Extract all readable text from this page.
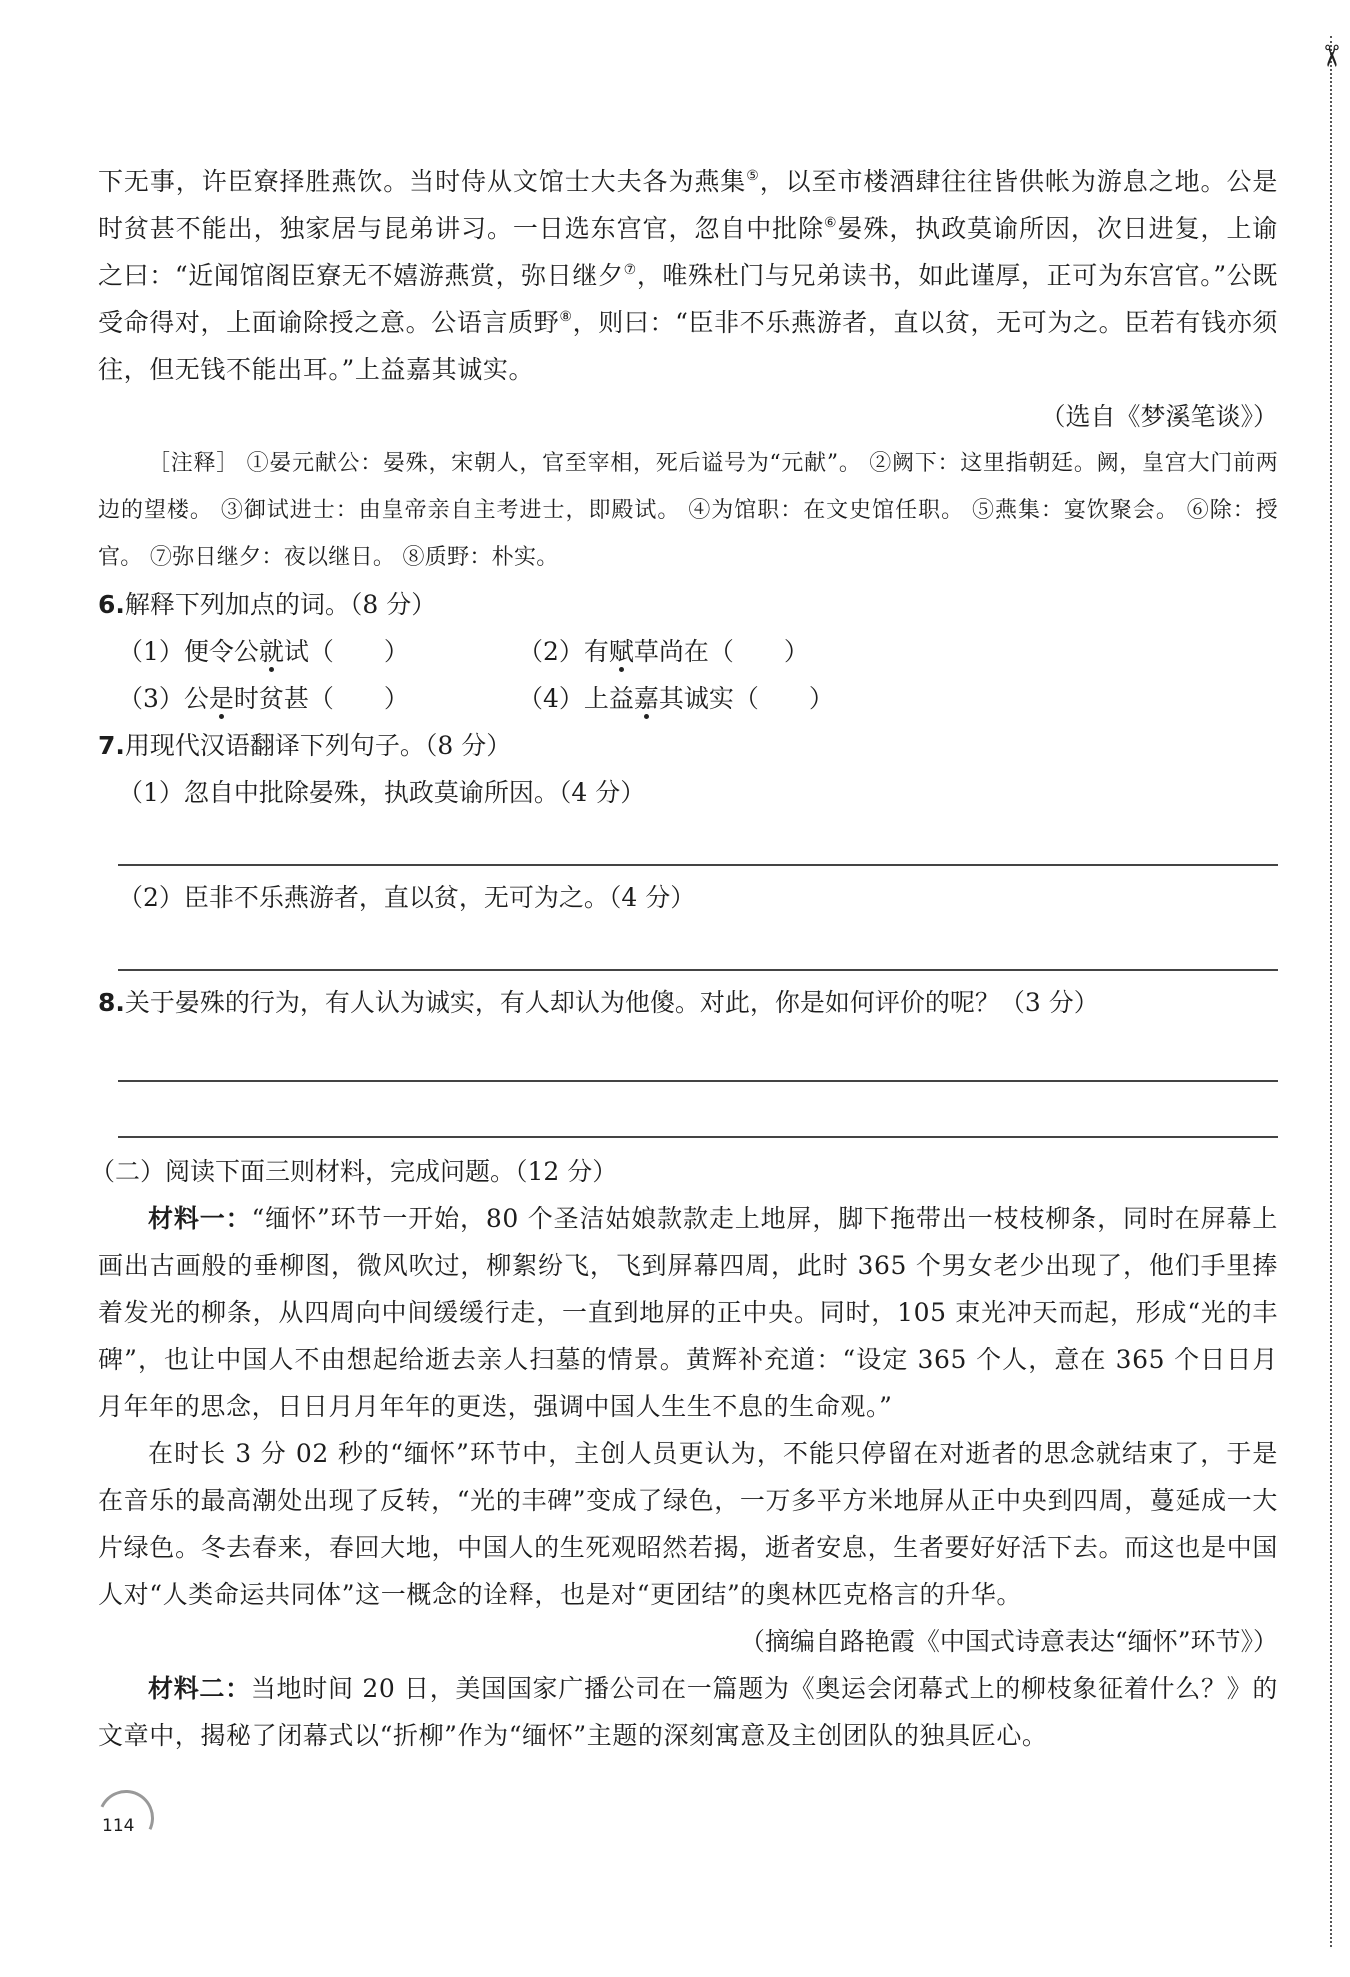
✂

下无事，许臣寮择胜燕饮。当时侍从文馆士大夫各为燕集⑤，以至市楼酒肆往往皆供帐为游息之地。公是时贫甚不能出，独家居与昆弟讲习。一日选东宫官，忽自中批除⑥晏殊，执政莫谕所因，次日进复，上谕之曰：“近闻馆阁臣寮无不嬉游燕赏，弥日继夕⑦，唯殊杜门与兄弟读书，如此谨厚，正可为东宫官。”公既受命得对，上面谕除授之意。公语言质野⑧，则曰：“臣非不乐燕游者，直以贫，无可为之。臣若有钱亦须往，但无钱不能出耳。”上益嘉其诚实。

（选自《梦溪笔谈》）

［注释］ ①晏元献公：晏殊，宋朝人，官至宰相，死后谥号为“元献”。 ②阙下：这里指朝廷。阙，皇宫大门前两边的望楼。 ③御试进士：由皇帝亲自主考进士，即殿试。 ④为馆职：在文史馆任职。 ⑤燕集：宴饮聚会。 ⑥除：授官。 ⑦弥日继夕：夜以继日。 ⑧质野：朴实。

6.解释下列加点的词。（8 分）

（1）便令公就试（　　）	（2）有赋草尚在（　　）
（3）公是时贫甚（　　）	（4）上益嘉其诚实（　　）

7.用现代汉语翻译下列句子。（8 分）

（1）忽自中批除晏殊，执政莫谕所因。（4 分）

（2）臣非不乐燕游者，直以贫，无可为之。（4 分）

8.关于晏殊的行为，有人认为诚实，有人却认为他傻。对此，你是如何评价的呢？（3 分）

（二）阅读下面三则材料，完成问题。（12 分）

材料一：“缅怀”环节一开始，80 个圣洁姑娘款款走上地屏，脚下拖带出一枝枝柳条，同时在屏幕上画出古画般的垂柳图，微风吹过，柳絮纷飞，飞到屏幕四周，此时 365 个男女老少出现了，他们手里捧着发光的柳条，从四周向中间缓缓行走，一直到地屏的正中央。同时，105 束光冲天而起，形成“光的丰碑”，也让中国人不由想起给逝去亲人扫墓的情景。黄辉补充道：“设定 365 个人，意在 365 个日日月月年年的思念，日日月月年年的更迭，强调中国人生生不息的生命观。”

在时长 3 分 02 秒的“缅怀”环节中，主创人员更认为，不能只停留在对逝者的思念就结束了，于是在音乐的最高潮处出现了反转，“光的丰碑”变成了绿色，一万多平方米地屏从正中央到四周，蔓延成一大片绿色。冬去春来，春回大地，中国人的生死观昭然若揭，逝者安息，生者要好好活下去。而这也是中国人对“人类命运共同体”这一概念的诠释，也是对“更团结”的奥林匹克格言的升华。

（摘编自路艳霞《中国式诗意表达“缅怀”环节》）

材料二：当地时间 20 日，美国国家广播公司在一篇题为《奥运会闭幕式上的柳枝象征着什么？》的文章中，揭秘了闭幕式以“折柳”作为“缅怀”主题的深刻寓意及主创团队的独具匠心。

114
